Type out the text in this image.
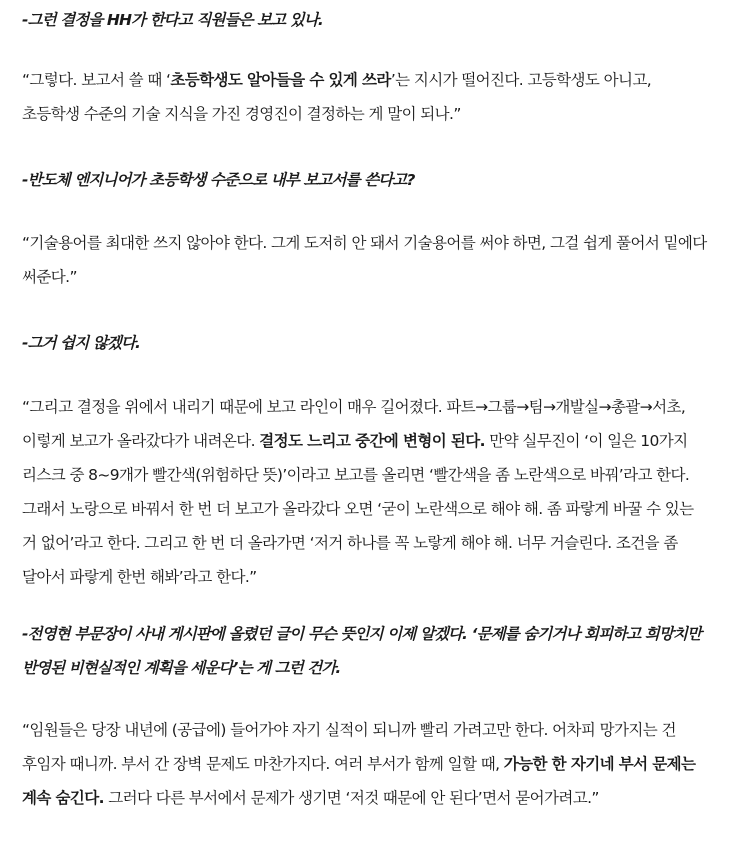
-그런 결정을 HH가 한다고 직원들은 보고 있나.

“그렇다. 보고서 쓸 때 ‘초등학생도 알아들을 수 있게 쓰라’는 지시가 떨어진다. 고등학생도 아니고, 초등학생 수준의 기술 지식을 가진 경영진이 결정하는 게 말이 되나.”

-반도체 엔지니어가 초등학생 수준으로 내부 보고서를 쓴다고?

“기술용어를 최대한 쓰지 않아야 한다. 그게 도저히 안 돼서 기술용어를 써야 하면, 그걸 쉽게 풀어서 밑에다 써준다.”

-그거 쉽지 않겠다.

“그리고 결정을 위에서 내리기 때문에 보고 라인이 매우 길어졌다. 파트→그룹→팀→개발실→총괄→서초, 이렇게 보고가 올라갔다가 내려온다. 결정도 느리고 중간에 변형이 된다. 만약 실무진이 ‘이 일은 10가지 리스크 중 8~9개가 빨간색(위험하단 뜻)’이라고 보고를 올리면 ‘빨간색을 좀 노란색으로 바꿔’라고 한다. 그래서 노랑으로 바꿔서 한 번 더 보고가 올라갔다 오면 ‘굳이 노란색으로 해야 해. 좀 파랗게 바꿀 수 있는 거 없어’라고 한다. 그리고 한 번 더 올라가면 ‘저거 하나를 꼭 노랗게 해야 해. 너무 거슬린다. 조건을 좀 달아서 파랗게 한번 해봐’라고 한다.”

-전영현 부문장이 사내 게시판에 올렸던 글이 무슨 뜻인지 이제 알겠다. ‘문제를 숨기거나 회피하고 희망치만 반영된 비현실적인 계획을 세운다’는 게 그런 건가.

“임원들은 당장 내년에 (공급에) 들어가야 자기 실적이 되니까 빨리 가려고만 한다. 어차피 망가지는 건 후임자 때니까. 부서 간 장벽 문제도 마찬가지다. 여러 부서가 함께 일할 때, 가능한 한 자기네 부서 문제는 계속 숨긴다. 그러다 다른 부서에서 문제가 생기면 ‘저것 때문에 안 된다’면서 묻어가려고.”
